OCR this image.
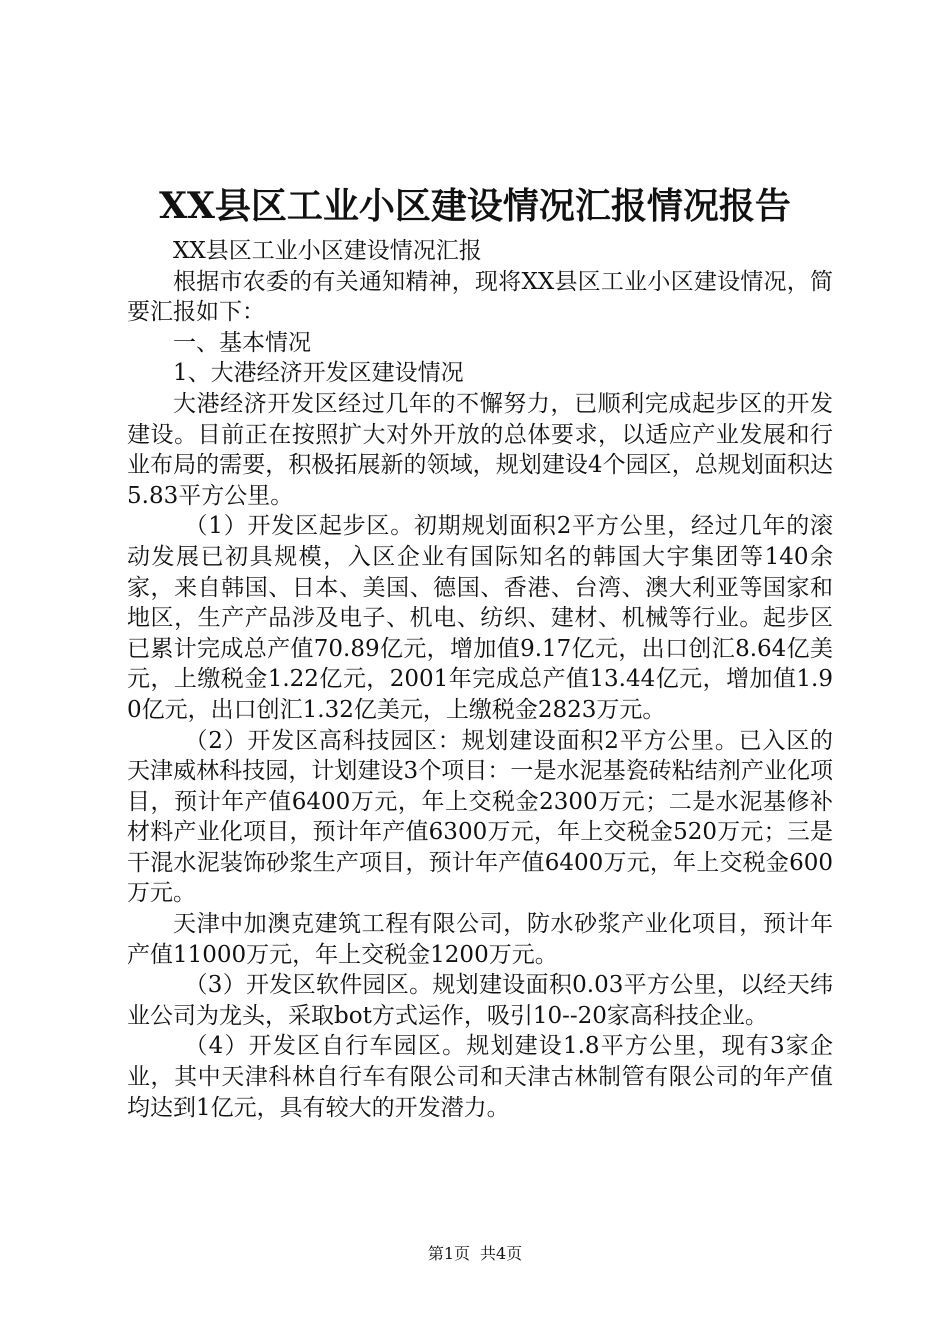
XX县区工业小区建设情况汇报情况报告

XX县区工业小区建设情况汇报

根据市农委的有关通知精神，现将XX县区工业小区建设情况，简要汇报如下：

一、基本情况

1、大港经济开发区建设情况

大港经济开发区经过几年的不懈努力，已顺利完成起步区的开发建设。目前正在按照扩大对外开放的总体要求，以适应产业发展和行业布局的需要，积极拓展新的领域，规划建设4个园区，总规划面积达5.83平方公里。

（1）开发区起步区。初期规划面积2平方公里，经过几年的滚动发展已初具规模，入区企业有国际知名的韩国大宇集团等140余家，来自韩国、日本、美国、德国、香港、台湾、澳大利亚等国家和地区，生产产品涉及电子、机电、纺织、建材、机械等行业。起步区已累计完成总产值70.89亿元，增加值9.17亿元，出口创汇8.64亿美元，上缴税金1.22亿元，2001年完成总产值13.44亿元，增加值1.90亿元，出口创汇1.32亿美元，上缴税金2823万元。

（2）开发区高科技园区：规划建设面积2平方公里。已入区的天津威林科技园，计划建设3个项目：一是水泥基瓷砖粘结剂产业化项目，预计年产值6400万元，年上交税金2300万元；二是水泥基修补材料产业化项目，预计年产值6300万元，年上交税金520万元；三是干混水泥装饰砂浆生产项目，预计年产值6400万元，年上交税金600万元。

天津中加澳克建筑工程有限公司，防水砂浆产业化项目，预计年产值11000万元，年上交税金1200万元。

（3）开发区软件园区。规划建设面积0.03平方公里，以经天纬业公司为龙头，采取bot方式运作，吸引10--20家高科技企业。

（4）开发区自行车园区。规划建设1.8平方公里，现有3家企业，其中天津科林自行车有限公司和天津古林制管有限公司的年产值均达到1亿元，具有较大的开发潜力。

第1页 共4页
